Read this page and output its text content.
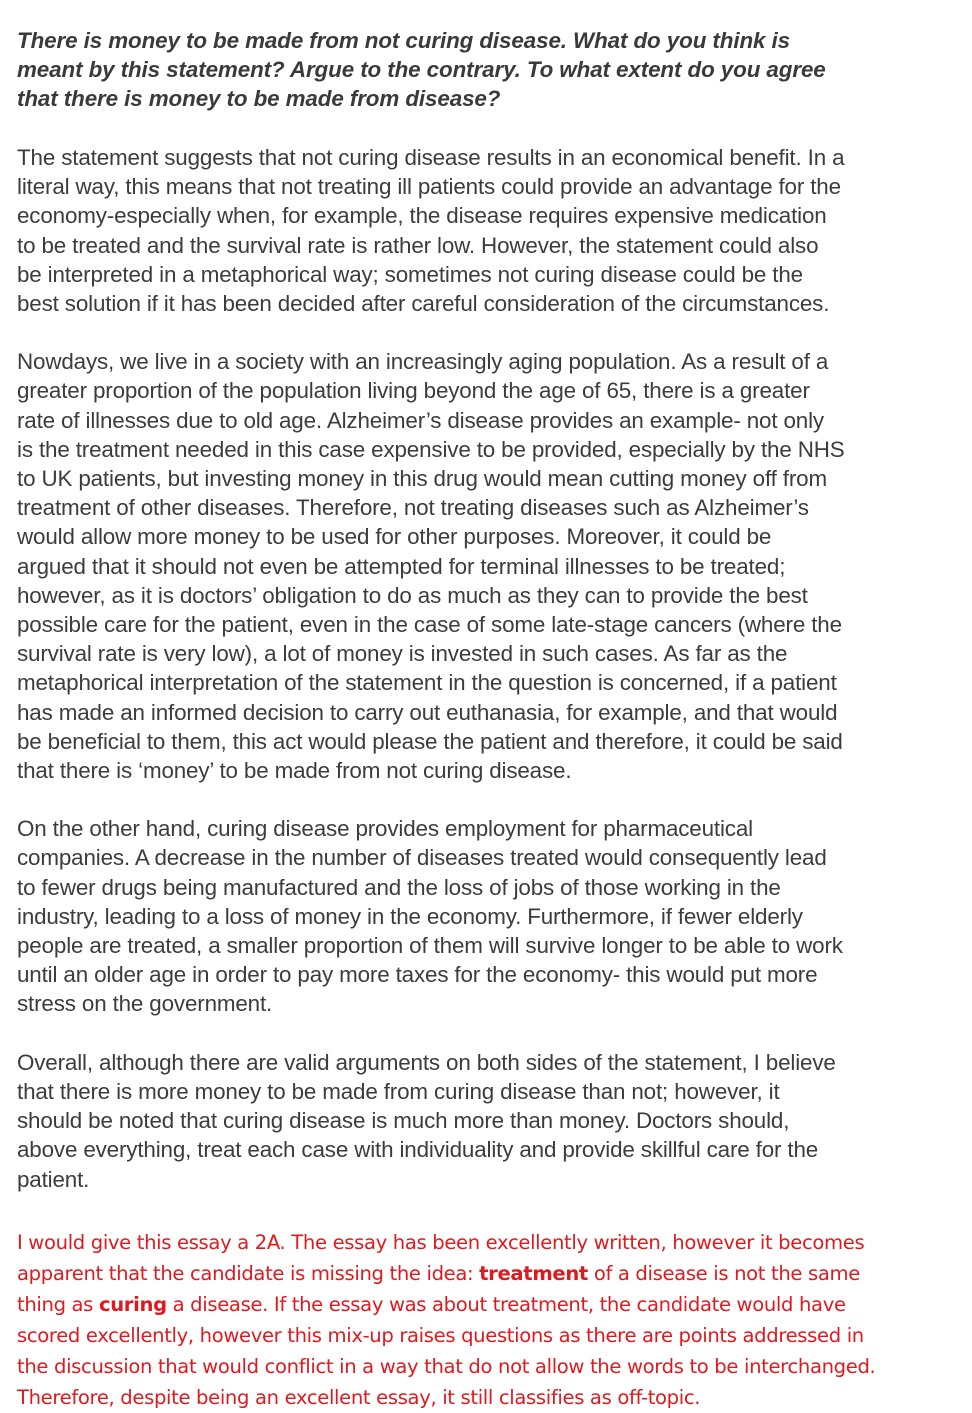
There is money to be made from not curing disease. What do you think is
meant by this statement? Argue to the contrary. To what extent do you agree
that there is money to be made from disease?

The statement suggests that not curing disease results in an economical benefit. In a
literal way, this means that not treating ill patients could provide an advantage for the
economy-especially when, for example, the disease requires expensive medication
to be treated and the survival rate is rather low. However, the statement could also
be interpreted in a metaphorical way; sometimes not curing disease could be the
best solution if it has been decided after careful consideration of the circumstances.

Nowdays, we live in a society with an increasingly aging population. As a result of a
greater proportion of the population living beyond the age of 65, there is a greater
rate of illnesses due to old age. Alzheimer’s disease provides an example- not only
is the treatment needed in this case expensive to be provided, especially by the NHS
to UK patients, but investing money in this drug would mean cutting money off from
treatment of other diseases. Therefore, not treating diseases such as Alzheimer’s
would allow more money to be used for other purposes. Moreover, it could be
argued that it should not even be attempted for terminal illnesses to be treated;
however, as it is doctors’ obligation to do as much as they can to provide the best
possible care for the patient, even in the case of some late-stage cancers (where the
survival rate is very low), a lot of money is invested in such cases. As far as the
metaphorical interpretation of the statement in the question is concerned, if a patient
has made an informed decision to carry out euthanasia, for example, and that would
be beneficial to them, this act would please the patient and therefore, it could be said
that there is ‘money’ to be made from not curing disease.

On the other hand, curing disease provides employment for pharmaceutical
companies. A decrease in the number of diseases treated would consequently lead
to fewer drugs being manufactured and the loss of jobs of those working in the
industry, leading to a loss of money in the economy. Furthermore, if fewer elderly
people are treated, a smaller proportion of them will survive longer to be able to work
until an older age in order to pay more taxes for the economy- this would put more
stress on the government.

Overall, although there are valid arguments on both sides of the statement, I believe
that there is more money to be made from curing disease than not; however, it
should be noted that curing disease is much more than money. Doctors should,
above everything, treat each case with individuality and provide skillful care for the
patient.

I would give this essay a 2A. The essay has been excellently written, however it becomes
apparent that the candidate is missing the idea: treatment of a disease is not the same
thing as curing a disease. If the essay was about treatment, the candidate would have
scored excellently, however this mix-up raises questions as there are points addressed in
the discussion that would conflict in a way that do not allow the words to be interchanged.
Therefore, despite being an excellent essay, it still classifies as off-topic.
